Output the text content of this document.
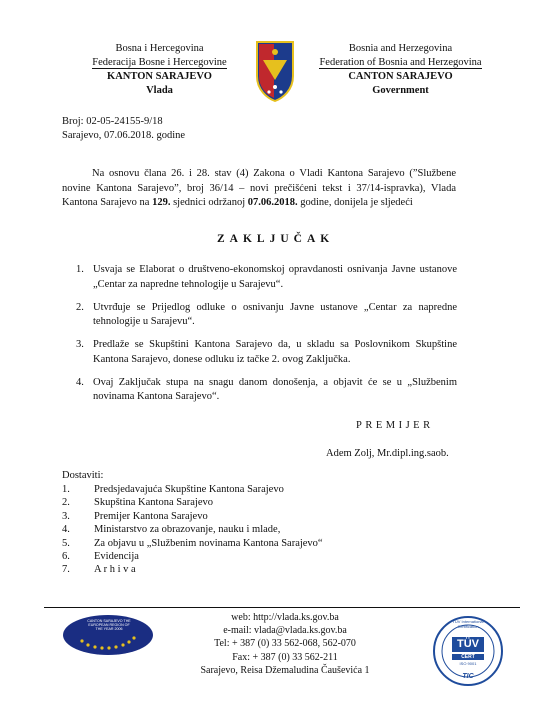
Bosna i Hercegovina
Federacija Bosne i Hercegovine
KANTON SARAJEVO
Vlada
Bosnia and Herzegovina
Federation of Bosnia and Herzegovina
CANTON SARAJEVO
Government
Broj: 02-05-24155-9/18
Sarajevo, 07.06.2018. godine
Na osnovu člana 26. i 28. stav (4) Zakona o Vladi Kantona Sarajevo (”Službene novine Kantona Sarajevo”, broj 36/14 – novi prečišćeni tekst i 37/14-ispravka), Vlada Kantona Sarajevo na 129. sjednici održanoj 07.06.2018. godine, donijela je sljedeći
ZAKLJUČAK
1. Usvaja se Elaborat o društveno-ekonomskoj opravdanosti osnivanja Javne ustanove „Centar za napredne tehnologije u Sarajevu“.
2. Utvrđuje se Prijedlog odluke o osnivanju Javne ustanove „Centar za napredne tehnologije u Sarajevu“.
3. Predlaže se Skupštini Kantona Sarajevo da, u skladu sa Poslovnikom Skupštine Kantona Sarajevo, donese odluku iz tačke 2. ovog Zaključka.
4. Ovaj Zaključak stupa na snagu danom donošenja, a objavit će se u „Službenim novinama Kantona Sarajevo“.
PREMIJER
Adem Zolj, Mr.dipl.ing.saob.
Dostaviti:
1. Predsjedavajuća Skupštine Kantona Sarajevo
2. Skupština Kantona Sarajevo
3. Premijer Kantona Sarajevo
4. Ministarstvo za obrazovanje, nauku i mlade,
5. Za objavu u „Službenim novinama Kantona Sarajevo“
6. Evidencija
7. A r h i v a
CANTON SARAJEVO THE EUROPEAN REGION OF THE YEAR 2006
web: http://vlada.ks.gov.ba
e-mail: vlada@vlada.ks.gov.ba
Tel: + 387 (0) 33 562-068, 562-070
Fax: + 387 (0) 33 562-211
Sarajevo, Reisa Džemaludina Čauševića 1
TÜV International Certification
TÜV
CERT
ISO 9001
TIC
